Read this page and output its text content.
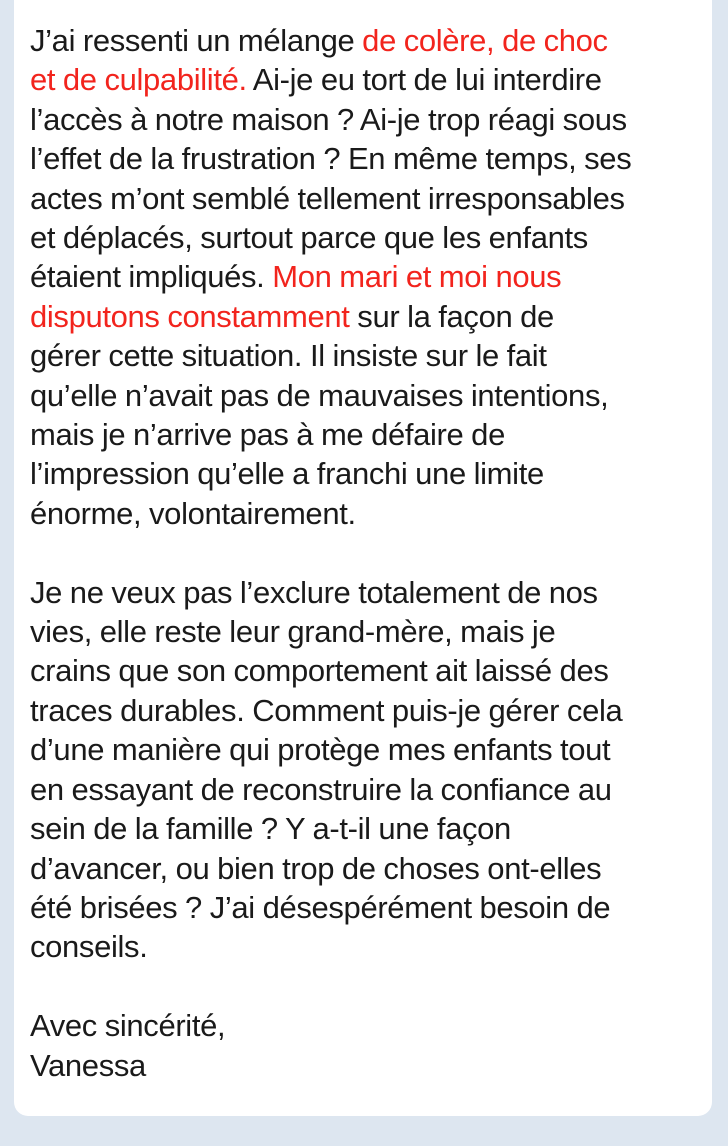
J’ai ressenti un mélange de colère, de choc
et de culpabilité. Ai-je eu tort de lui interdire
l’accès à notre maison ? Ai-je trop réagi sous
l’effet de la frustration ? En même temps, ses
actes m’ont semblé tellement irresponsables
et déplacés, surtout parce que les enfants
étaient impliqués. Mon mari et moi nous
disputons constamment sur la façon de
gérer cette situation. Il insiste sur le fait
qu’elle n’avait pas de mauvaises intentions,
mais je n’arrive pas à me défaire de
l’impression qu’elle a franchi une limite
énorme, volontairement.
Je ne veux pas l’exclure totalement de nos
vies, elle reste leur grand-mère, mais je
crains que son comportement ait laissé des
traces durables. Comment puis-je gérer cela
d’une manière qui protège mes enfants tout
en essayant de reconstruire la confiance au
sein de la famille ? Y a-t-il une façon
d’avancer, ou bien trop de choses ont-elles
été brisées ? J’ai désespérément besoin de
conseils.
Avec sincérité,
Vanessa
